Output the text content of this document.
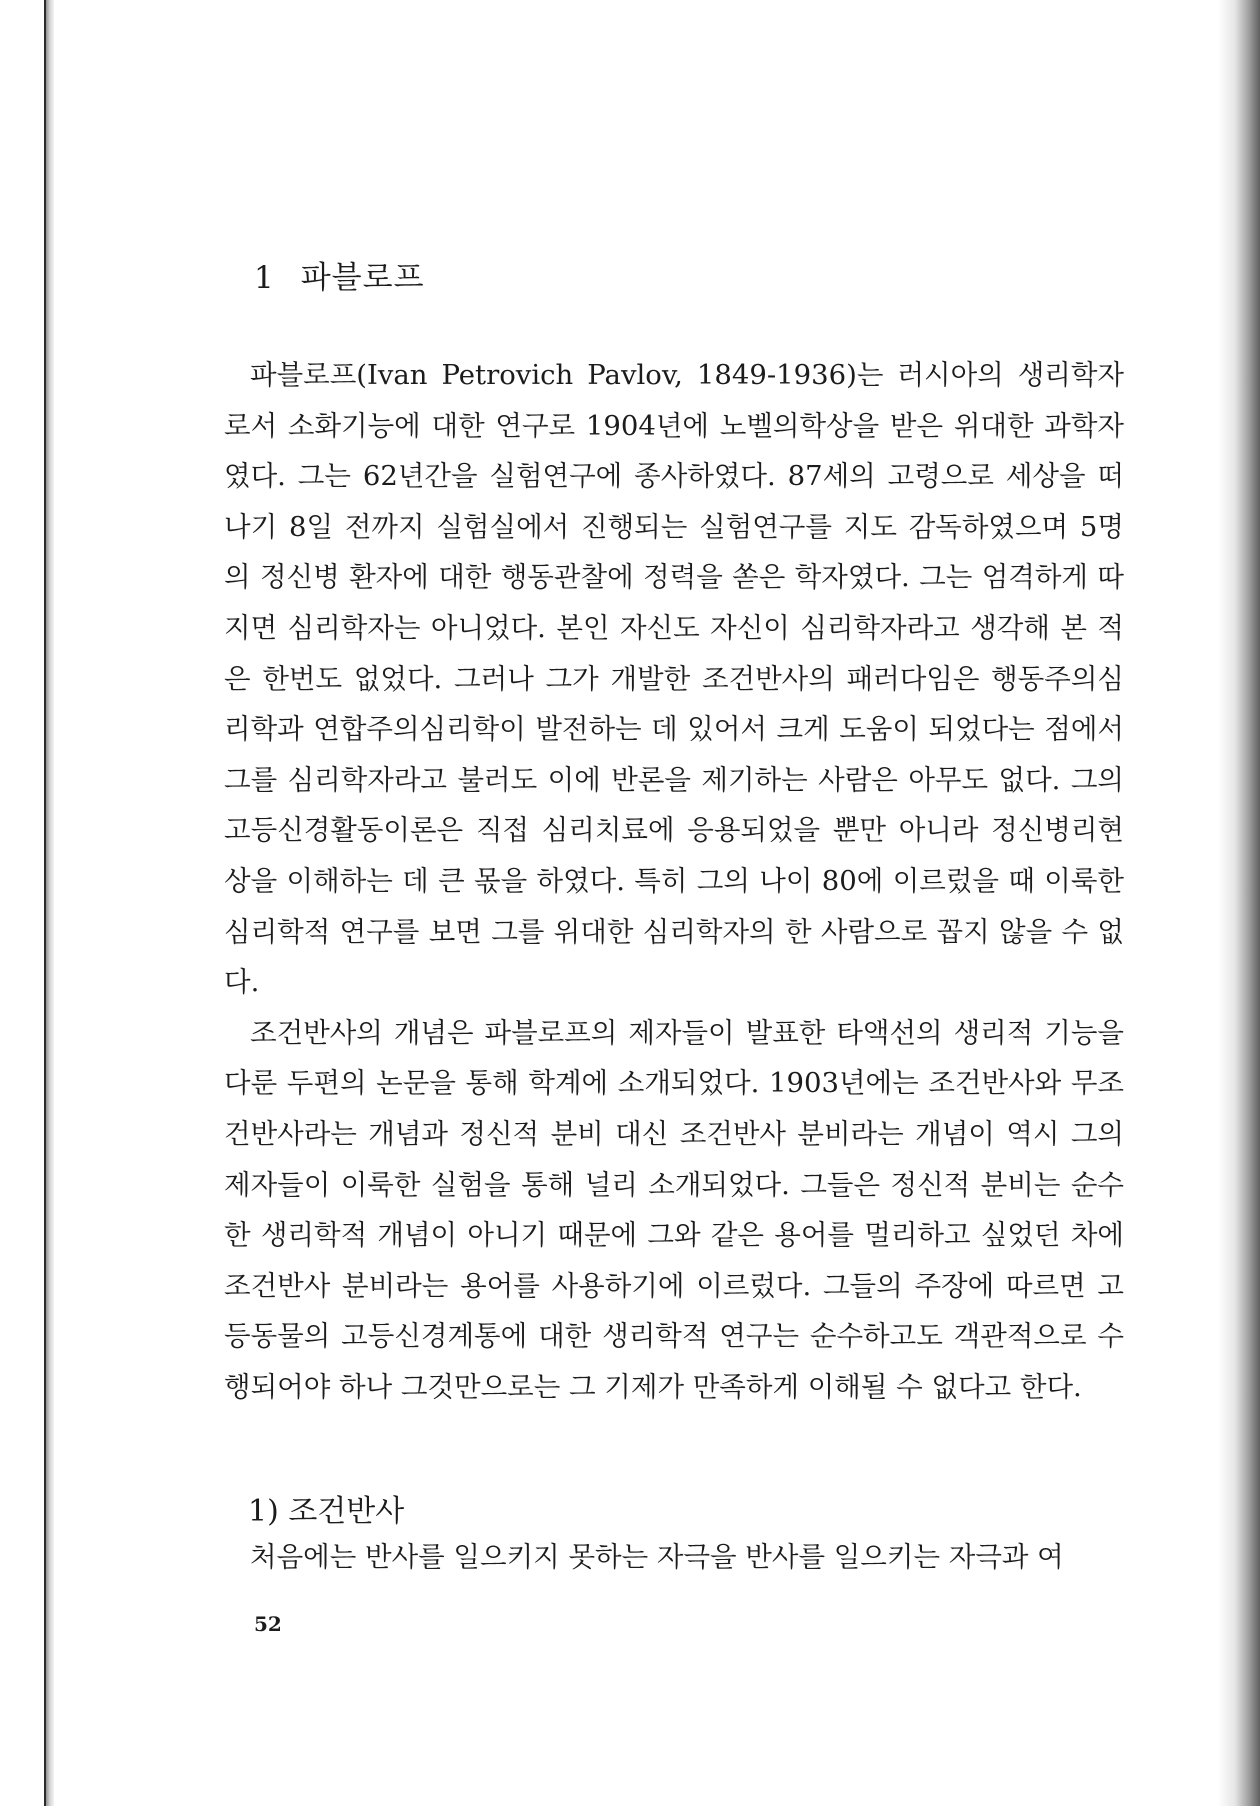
1 파블로프

파블로프(Ivan Petrovich Pavlov, 1849-1936)는 러시아의 생리학자로서 소화기능에 대한 연구로 1904년에 노벨의학상을 받은 위대한 과학자였다. 그는 62년간을 실험연구에 종사하였다. 87세의 고령으로 세상을 떠나기 8일 전까지 실험실에서 진행되는 실험연구를 지도 감독하였으며 5명의 정신병 환자에 대한 행동관찰에 정력을 쏟은 학자였다. 그는 엄격하게 따지면 심리학자는 아니었다. 본인 자신도 자신이 심리학자라고 생각해 본 적은 한번도 없었다. 그러나 그가 개발한 조건반사의 패러다임은 행동주의심리학과 연합주의심리학이 발전하는 데 있어서 크게 도움이 되었다는 점에서 그를 심리학자라고 불러도 이에 반론을 제기하는 사람은 아무도 없다. 그의 고등신경활동이론은 직접 심리치료에 응용되었을 뿐만 아니라 정신병리현상을 이해하는 데 큰 몫을 하였다. 특히 그의 나이 80에 이르렀을 때 이룩한 심리학적 연구를 보면 그를 위대한 심리학자의 한 사람으로 꼽지 않을 수 없다.

조건반사의 개념은 파블로프의 제자들이 발표한 타액선의 생리적 기능을 다룬 두편의 논문을 통해 학계에 소개되었다. 1903년에는 조건반사와 무조건반사라는 개념과 정신적 분비 대신 조건반사 분비라는 개념이 역시 그의 제자들이 이룩한 실험을 통해 널리 소개되었다. 그들은 정신적 분비는 순수한 생리학적 개념이 아니기 때문에 그와 같은 용어를 멀리하고 싶었던 차에 조건반사 분비라는 용어를 사용하기에 이르렀다. 그들의 주장에 따르면 고등동물의 고등신경계통에 대한 생리학적 연구는 순수하고도 객관적으로 수행되어야 하나 그것만으로는 그 기제가 만족하게 이해될 수 없다고 한다.

1) 조건반사

처음에는 반사를 일으키지 못하는 자극을 반사를 일으키는 자극과 여

52
